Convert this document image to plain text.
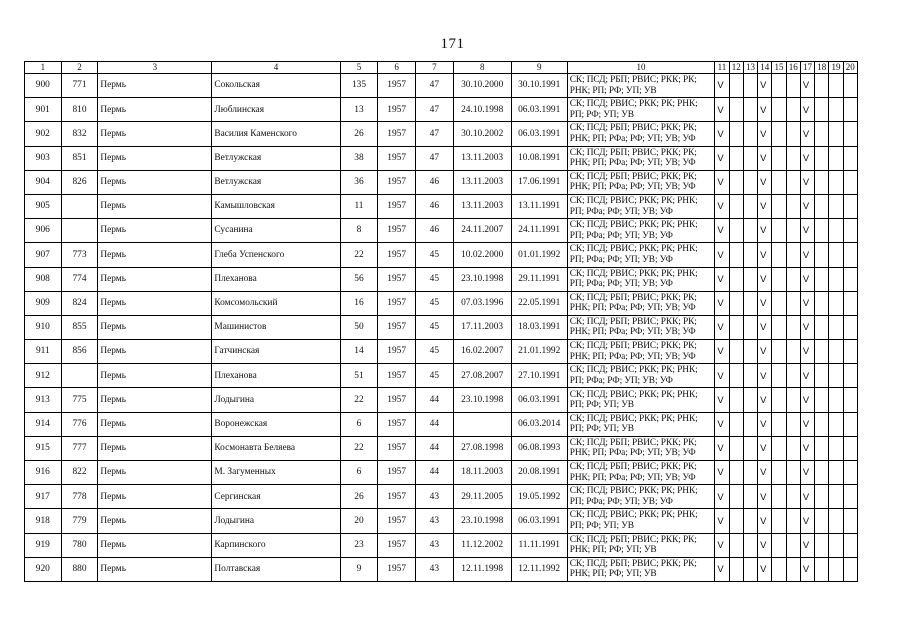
171
1	2	3	4	5	6	7	8	9	10	11	12	13	14	15	16	17	18	19	20
900	771	Пермь	Сокольская	135	1957	47	30.10.2000	30.10.1991	СК; ПСД; РБП; РВИС; РКК; РК; РНК; РП; РФ; УП; УВ	V			V			V			
901	810	Пермь	Люблинская	13	1957	47	24.10.1998	06.03.1991	СК; ПСД; РВИС; РКК; РК; РНК; РП; РФ; УП; УВ	V			V			V			
902	832	Пермь	Василия Каменского	26	1957	47	30.10.2002	06.03.1991	СК; ПСД; РБП; РВИС; РКК; РК; РНК; РП; РФа; РФ; УП; УВ; УФ	V			V			V			
903	851	Пермь	Ветлужская	38	1957	47	13.11.2003	10.08.1991	СК; ПСД; РБП; РВИС; РКК; РК; РНК; РП; РФа; РФ; УП; УВ; УФ	V			V			V			
904	826	Пермь	Ветлужская	36	1957	46	13.11.2003	17.06.1991	СК; ПСД; РБП; РВИС; РКК; РК; РНК; РП; РФа; РФ; УП; УВ; УФ	V			V			V			
905		Пермь	Камышловская	11	1957	46	13.11.2003	13.11.1991	СК; ПСД; РВИС; РКК; РК; РНК; РП; РФа; РФ; УП; УВ; УФ	V			V			V			
906		Пермь	Сусанина	8	1957	46	24.11.2007	24.11.1991	СК; ПСД; РВИС; РКК; РК; РНК; РП; РФа; РФ; УП; УВ; УФ	V			V			V			
907	773	Пермь	Глеба Успенского	22	1957	45	10.02.2000	01.01.1992	СК; ПСД; РВИС; РКК; РК; РНК; РП; РФа; РФ; УП; УВ; УФ	V			V			V			
908	774	Пермь	Плеханова	56	1957	45	23.10.1998	29.11.1991	СК; ПСД; РВИС; РКК; РК; РНК; РП; РФа; РФ; УП; УВ; УФ	V			V			V			
909	824	Пермь	Комсомольский	16	1957	45	07.03.1996	22.05.1991	СК; ПСД; РБП; РВИС; РКК; РК; РНК; РП; РФа; РФ; УП; УВ; УФ	V			V			V			
910	855	Пермь	Машинистов	50	1957	45	17.11.2003	18.03.1991	СК; ПСД; РБП; РВИС; РКК; РК; РНК; РП; РФа; РФ; УП; УВ; УФ	V			V			V			
911	856	Пермь	Гатчинская	14	1957	45	16.02.2007	21.01.1992	СК; ПСД; РБП; РВИС; РКК; РК; РНК; РП; РФа; РФ; УП; УВ; УФ	V			V			V			
912		Пермь	Плеханова	51	1957	45	27.08.2007	27.10.1991	СК; ПСД; РВИС; РКК; РК; РНК; РП; РФа; РФ; УП; УВ; УФ	V			V			V			
913	775	Пермь	Лодыгина	22	1957	44	23.10.1998	06.03.1991	СК; ПСД; РВИС; РКК; РК; РНК; РП; РФ; УП; УВ	V			V			V			
914	776	Пермь	Воронежская	6	1957	44		06.03.2014	СК; ПСД; РВИС; РКК; РК; РНК; РП; РФ; УП; УВ	V			V			V			
915	777	Пермь	Космонавта Беляева	22	1957	44	27.08.1998	06.08.1993	СК; ПСД; РБП; РВИС; РКК; РК; РНК; РП; РФа; РФ; УП; УВ; УФ	V			V			V			
916	822	Пермь	М. Загуменных	6	1957	44	18.11.2003	20.08.1991	СК; ПСД; РБП; РВИС; РКК; РК; РНК; РП; РФа; РФ; УП; УВ; УФ	V			V			V			
917	778	Пермь	Сергинская	26	1957	43	29.11.2005	19.05.1992	СК; ПСД; РВИС; РКК; РК; РНК; РП; РФа; РФ; УП; УВ; УФ	V			V			V			
918	779	Пермь	Лодыгина	20	1957	43	23.10.1998	06.03.1991	СК; ПСД; РВИС; РКК; РК; РНК; РП; РФ; УП; УВ	V			V			V			
919	780	Пермь	Карпинского	23	1957	43	11.12.2002	11.11.1991	СК; ПСД; РБП; РВИС; РКК; РК; РНК; РП; РФ; УП; УВ	V			V			V			
920	880	Пермь	Полтавская	9	1957	43	12.11.1998	12.11.1992	СК; ПСД; РБП; РВИС; РКК; РК; РНК; РП; РФ; УП; УВ	V			V			V			
